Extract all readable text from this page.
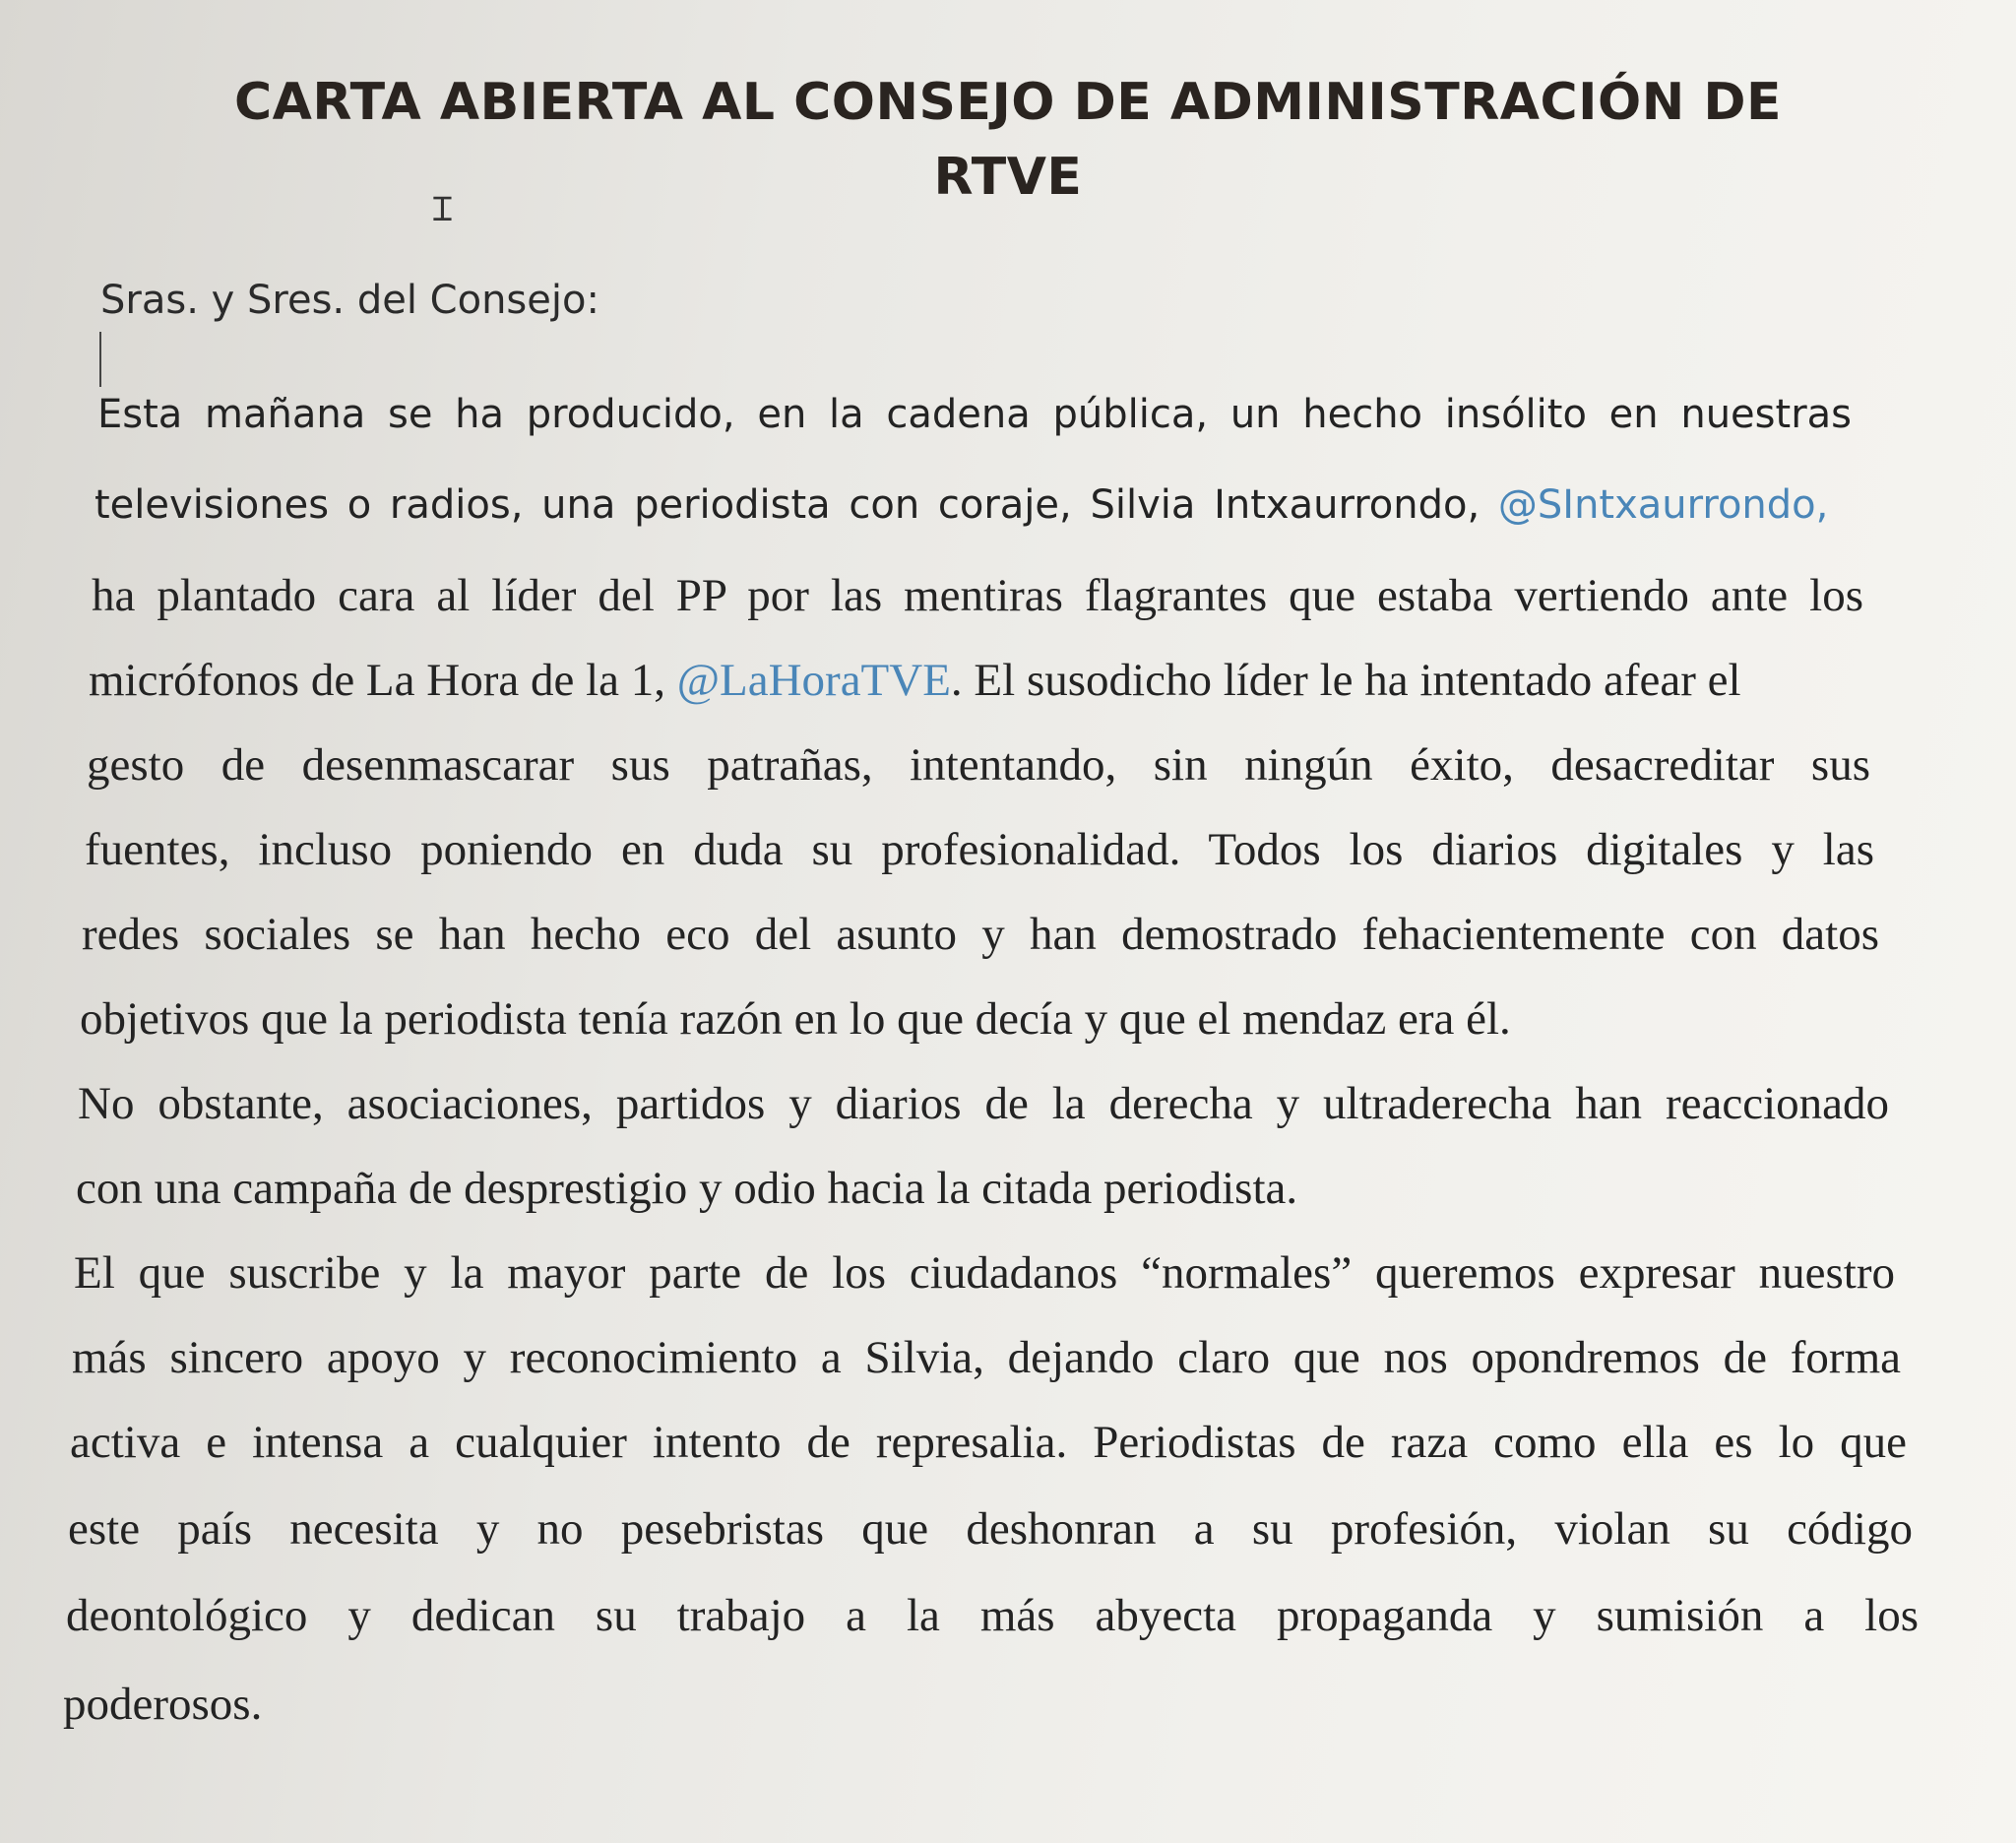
CARTA ABIERTA AL CONSEJO DE ADMINISTRACIÓN DE
RTVE
Ɪ
Sras. y Sres. del Consejo:
Esta mañana se ha producido, en la cadena pública, un hecho insólito en nuestras
televisiones o radios, una periodista con coraje, Silvia Intxaurrondo, @SIntxaurrondo,
ha plantado cara al líder del PP por las mentiras flagrantes que estaba vertiendo ante los
micrófonos de La Hora de la 1, @LaHoraTVE. El susodicho líder le ha intentado afear el
gesto de desenmascarar sus patrañas, intentando, sin ningún éxito, desacreditar sus
fuentes, incluso poniendo en duda su profesionalidad. Todos los diarios digitales y las
redes sociales se han hecho eco del asunto y han demostrado fehacientemente con datos
objetivos que la periodista tenía razón en lo que decía y que el mendaz era él.
No obstante, asociaciones, partidos y diarios de la derecha y ultraderecha han reaccionado
con una campaña de desprestigio y odio hacia la citada periodista.
El que suscribe y la mayor parte de los ciudadanos “normales” queremos expresar nuestro
más sincero apoyo y reconocimiento a Silvia, dejando claro que nos opondremos de forma
activa e intensa a cualquier intento de represalia. Periodistas de raza como ella es lo que
este país necesita y no pesebristas que deshonran a su profesión, violan su código
deontológico y dedican su trabajo a la más abyecta propaganda y sumisión a los
poderosos.
